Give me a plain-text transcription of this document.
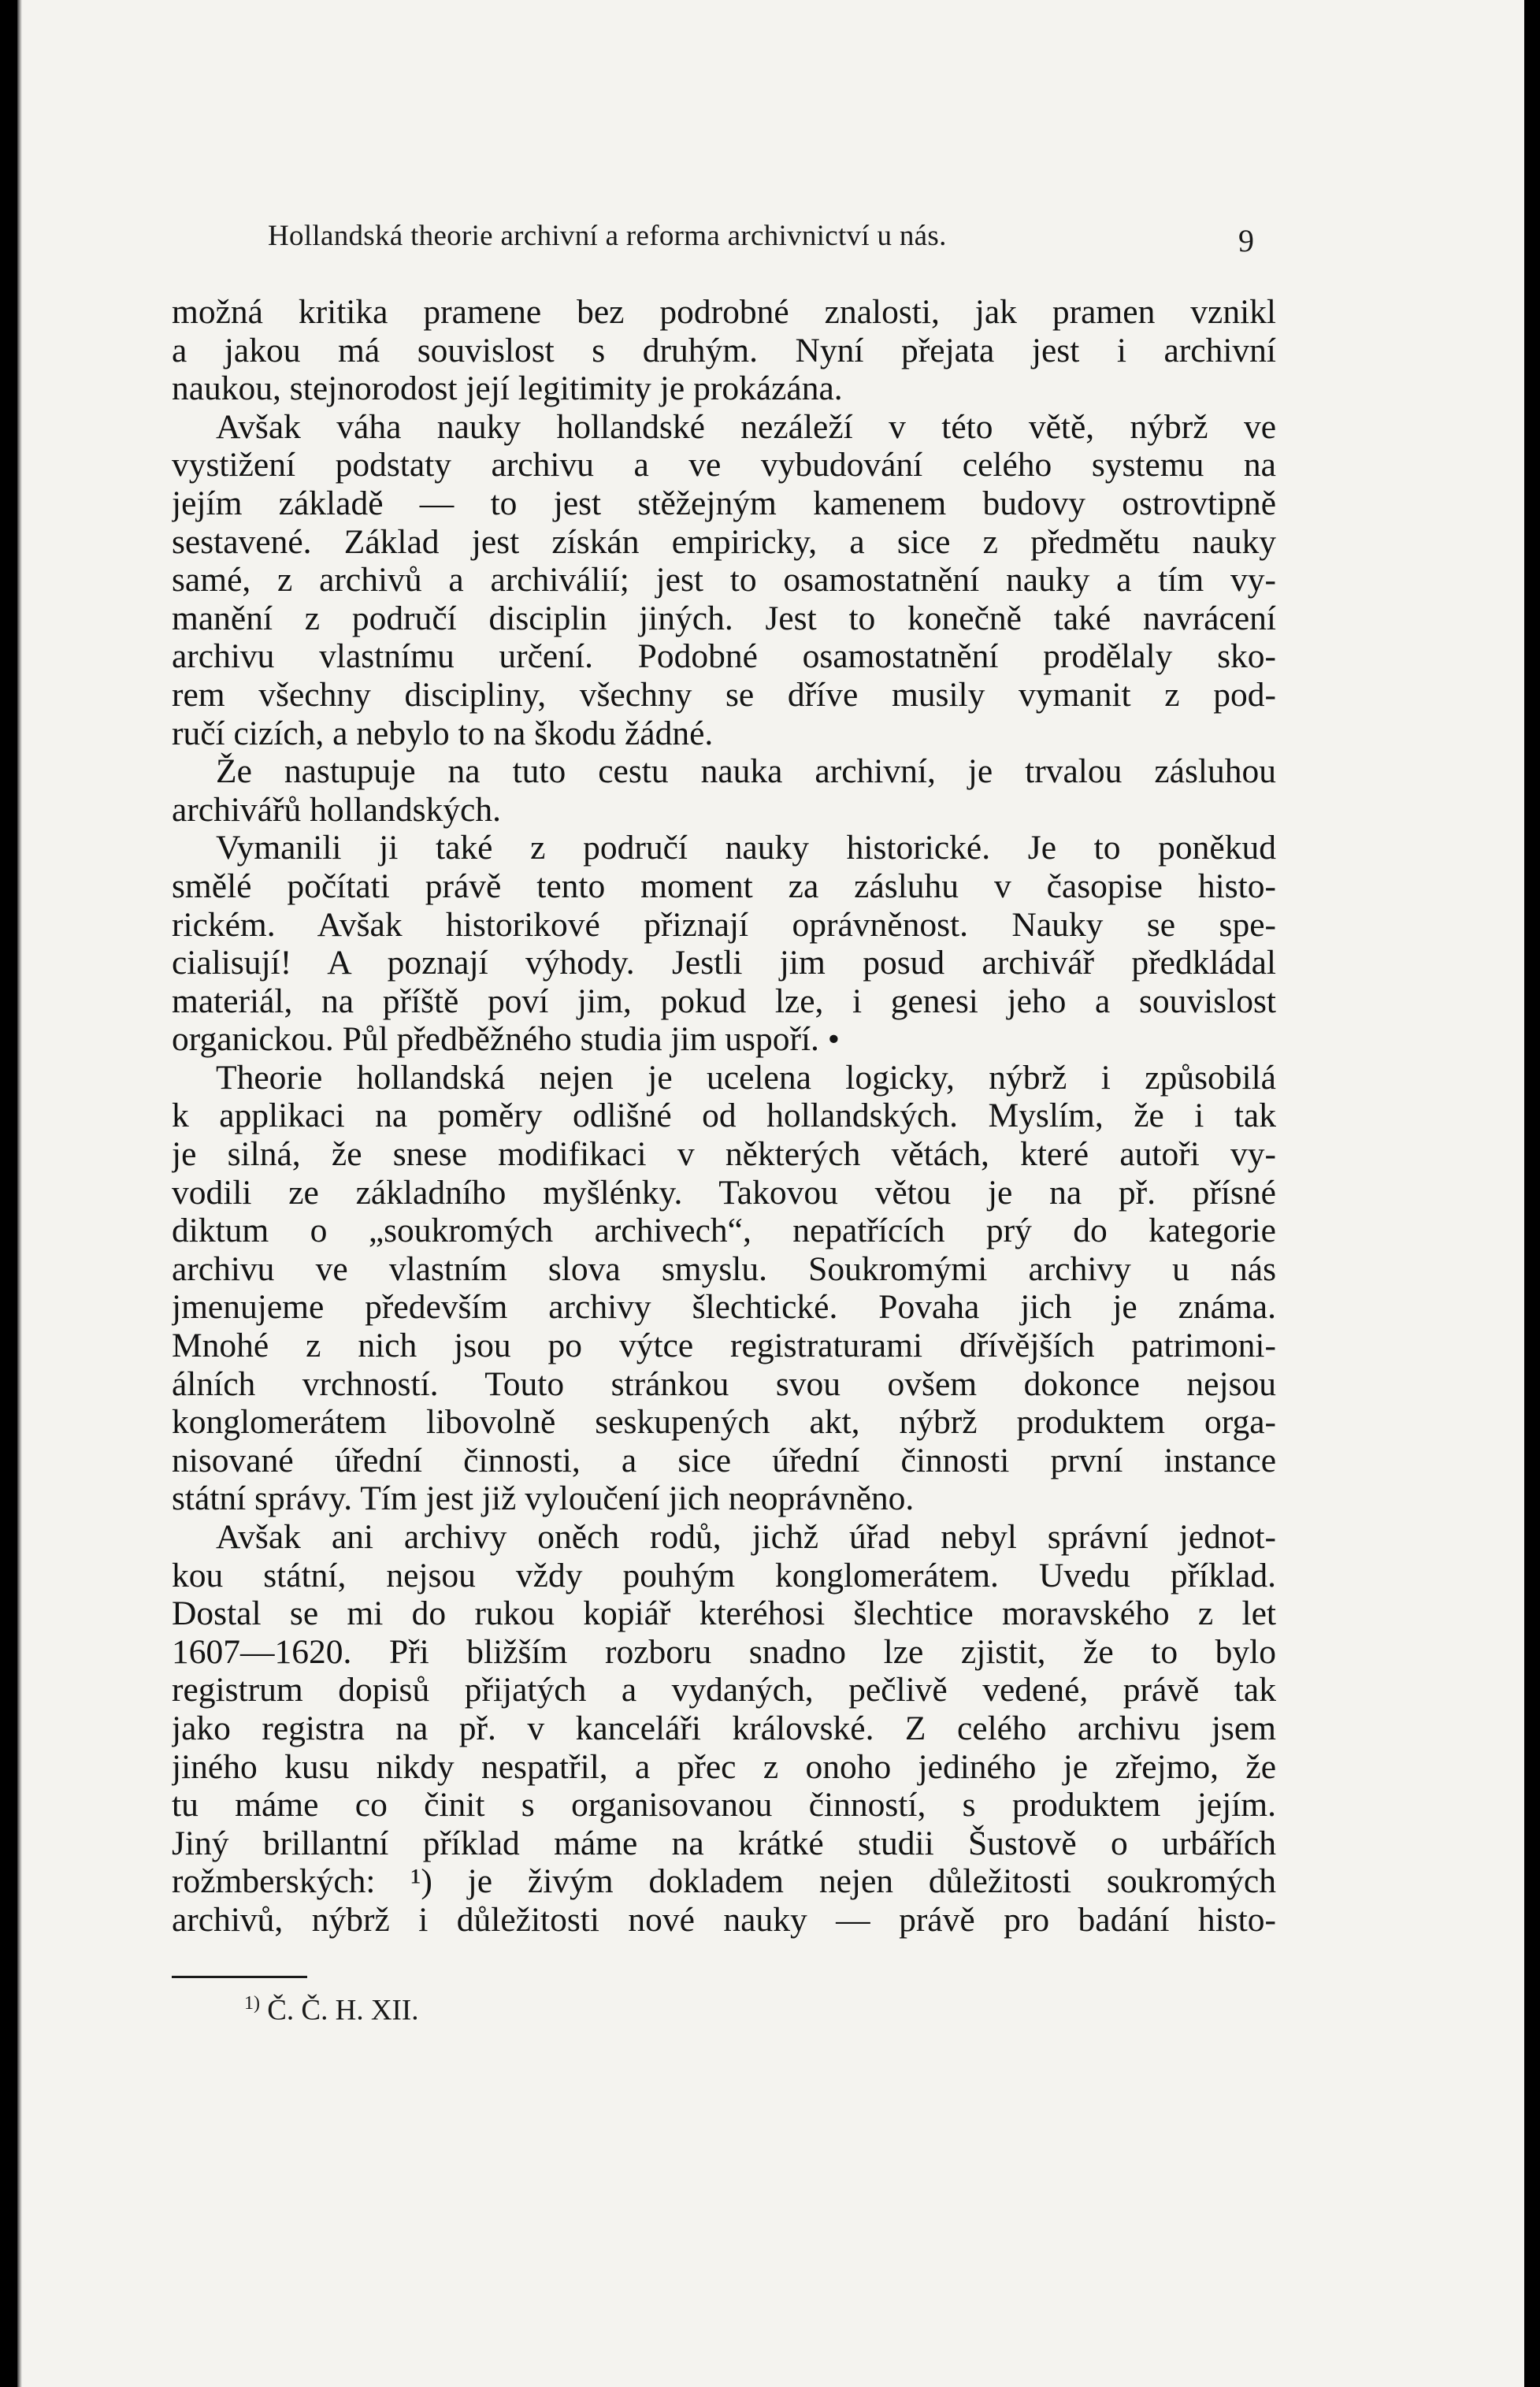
Hollandská theorie archivní a reforma archivnictví u nás.	9
možná kritika pramene bez podrobné znalosti, jak pramen vznikl
a jakou má souvislost s druhým. Nyní přejata jest i archivní
naukou, stejnorodost její legitimity je prokázána.
Avšak váha nauky hollandské nezáleží v této větě, nýbrž ve
vystižení podstaty archivu a ve vybudování celého systemu na
jejím základě — to jest stěžejným kamenem budovy ostrovtipně
sestavené. Základ jest získán empiricky, a sice z předmětu nauky
samé, z archivů a archiválií; jest to osamostatnění nauky a tím vy-
manění z područí disciplin jiných. Jest to konečně také navrácení
archivu vlastnímu určení. Podobné osamostatnění prodělaly sko-
rem všechny discipliny, všechny se dříve musily vymanit z pod-
ručí cizích, a nebylo to na škodu žádné.
Že nastupuje na tuto cestu nauka archivní, je trvalou zásluhou
archivářů hollandských.
Vymanili ji také z područí nauky historické. Je to poněkud
smělé počítati právě tento moment za zásluhu v časopise histo-
rickém. Avšak historikové přiznají oprávněnost. Nauky se spe-
cialisují! A poznají výhody. Jestli jim posud archivář předkládal
materiál, na příště poví jim, pokud lze, i genesi jeho a souvislost
organickou. Půl předběžného studia jim uspoří. •
Theorie hollandská nejen je ucelena logicky, nýbrž i způsobilá
k applikaci na poměry odlišné od hollandských. Myslím, že i tak
je silná, že snese modifikaci v některých větách, které autoři vy-
vodili ze základního myšlénky. Takovou větou je na př. přísné
diktum o „soukromých archivech“, nepatřících prý do kategorie
archivu ve vlastním slova smyslu. Soukromými archivy u nás
jmenujeme především archivy šlechtické. Povaha jich je známa.
Mnohé z nich jsou po výtce registraturami dřívějších patrimoni-
álních vrchností. Touto stránkou svou ovšem dokonce nejsou
konglomerátem libovolně seskupených akt, nýbrž produktem orga-
nisované úřední činnosti, a sice úřední činnosti první instance
státní správy. Tím jest již vyloučení jich neoprávněno.
Avšak ani archivy oněch rodů, jichž úřad nebyl správní jednot-
kou státní, nejsou vždy pouhým konglomerátem. Uvedu příklad.
Dostal se mi do rukou kopiář kteréhosi šlechtice moravského z let
1607—1620. Při bližším rozboru snadno lze zjistit, že to bylo
registrum dopisů přijatých a vydaných, pečlivě vedené, právě tak
jako registra na př. v kanceláři královské. Z celého archivu jsem
jiného kusu nikdy nespatřil, a přec z onoho jediného je zřejmo, že
tu máme co činit s organisovanou činností, s produktem jejím.
Jiný brillantní příklad máme na krátké studii Šustově o urbářích
rožmberských: ¹) je živým dokladem nejen důležitosti soukromých
archivů, nýbrž i důležitosti nové nauky — právě pro badání histo-
$^{1)}$ Č. Č. H. XII.
